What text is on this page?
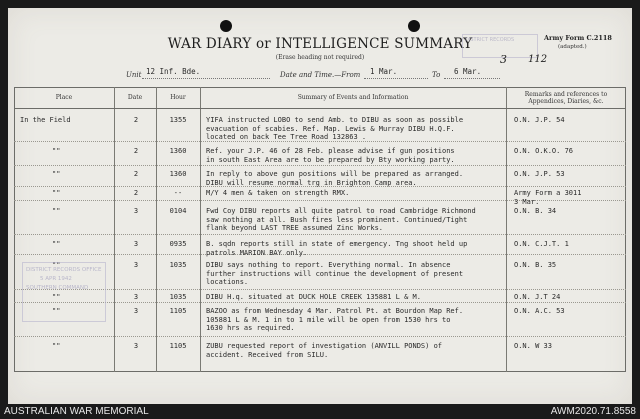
WAR DIARY or INTELLIGENCE SUMMARY
(Erase heading not required)
Army Form C.2118
(adapted.)
DISTRICT RECORDS
3 112
Unit 12 Inf. Bde.	Date and Time.—From 1 Mar.	To 6 Mar.
Place	Date	Hour	Summary of Events and Information	Remarks and references to Appendices, Diaries, &c.
In the Field	2	1355	YIFA instructed LOBO to send Amb. to DIBU as soon as possible
evacuation of scabies. Ref. Map. Lewis & Murray DIBU H.Q.F.
located on back Tee Tree Road 132863 .
O.N. J.P. 54
""	2	1360	Ref. your J.P. 46 of 28 Feb. please advise if gun positions
in south East Area are to be prepared by Bty working party.
O.N. O.K.O. 76
""	2	1360	In reply to above gun positions will be prepared as arranged.
DIBU will resume normal trg in Brighton Camp area.
O.N. J.P. 53
""	2	--	M/Y 4 men & taken on strength RMX.	Army Form a 3011
3 Mar.
""	3	0104	Fwd Coy DIBU reports all quite patrol to road Cambridge Richmond
saw nothing at all. Bush fires less prominent. Continued/Tight
flank beyond LAST TREE assumed Zinc Works.
O.N. B. 34
""	3	0935	B. sqdn reports still in state of emergency. Tng shoot held up
patrols MARION BAY only.
O.N. C.J.T. 1
""	3	1035	DIBU says nothing to report. Everything normal. In absence
further instructions will continue the development of present
locations.
O.N. B. 35
""	3	1035	DIBU H.q. situated at DUCK HOLE CREEK 135881 L & M.	O.N. J.T 24
""	3	1105	BAZOO as from Wednesday 4 Mar. Patrol Pt. at Bourdon Map Ref.
105881 L & M. 1 in to 1 mile will be open from 1530 hrs to
1630 hrs as required.
O.N. A.C. 53
""	3	1105	ZUBU requested report of investigation (ANVILL PONDS) of
accident. Received from SILU.
O.N. W 33
DISTRICT RECORDS OFFICE
5 APR 1942
SOUTHERN COMMAND
AUSTRALIAN WAR MEMORIAL	AWM2020.71.8558
